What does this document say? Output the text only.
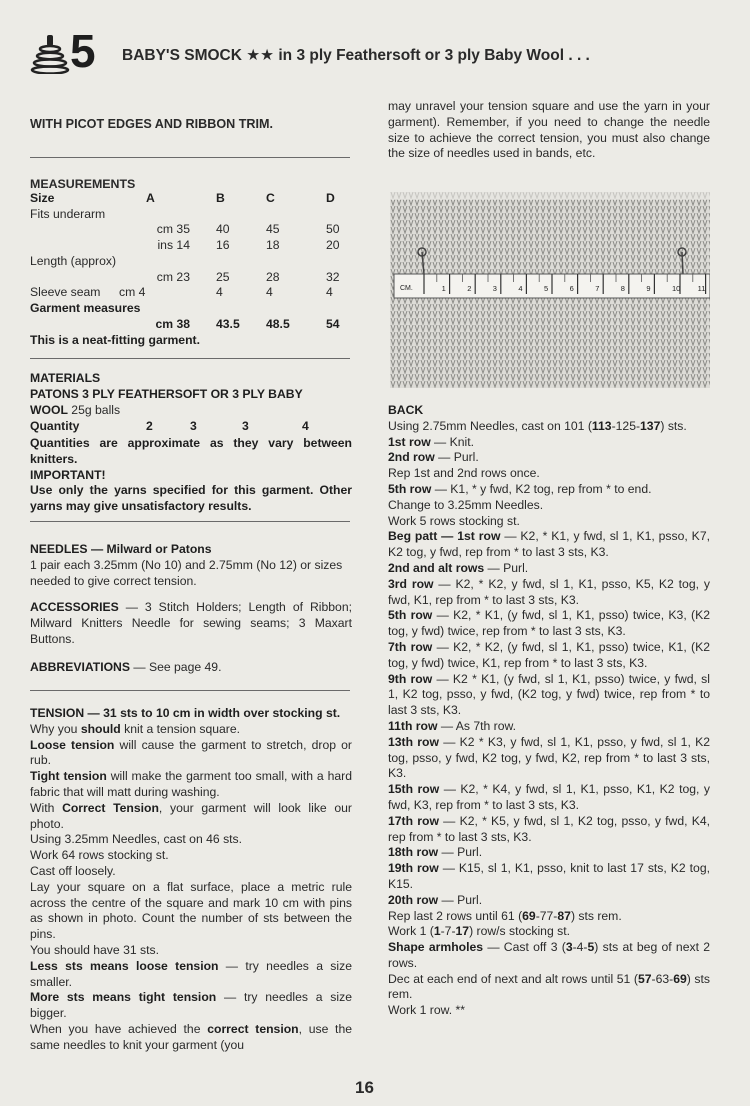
5 BABY'S SMOCK ★★ in 3 ply Feathersoft or 3 ply Baby Wool . . .
WITH PICOT EDGES AND RIBBON TRIM.
MEASUREMENTS
Size	A	B	C	D
Fits underarm				
	cm 35	40	45	50
	ins 14	16	18	20
Length (approx)				
	cm 23	25	28	32
Sleeve seam	cm 4	4	4	4
Garment measures				
	cm 38	43.5	48.5	54
This is a neat-fitting garment.

MATERIALS

PATONS 3 PLY FEATHERSOFT OR 3 PLY BABY

WOOL 25g balls

Quantity	2	3	3	4

Quantities are approximate as they vary between knitters.

IMPORTANT!

Use only the yarns specified for this garment. Other yarns may give unsatisfactory results.

NEEDLES — Milward or Patons

1 pair each 3.25mm (No 10) and 2.75mm (No 12) or sizes needed to give correct tension.

ACCESSORIES — 3 Stitch Holders; Length of Ribbon; Milward Knitters Needle for sewing seams; 3 Maxart Buttons.
ABBREVIATIONS — See page 49.

TENSION — 31 sts to 10 cm in width over stocking st.

Why you should knit a tension square.

Loose tension will cause the garment to stretch, drop or rub.

Tight tension will make the garment too small, with a hard fabric that will matt during washing.

With Correct Tension, your garment will look like our photo.

Using 3.25mm Needles, cast on 46 sts.

Work 64 rows stocking st.

Cast off loosely.

Lay your square on a flat surface, place a metric rule across the centre of the square and mark 10 cm with pins as shown in photo. Count the number of sts between the pins.

You should have 31 sts.

Less sts means loose tension — try needles a size smaller.

More sts means tight tension — try needles a size bigger.

When you have achieved the correct tension, use the same needles to knit your garment (you

may unravel your tension square and use the yarn in your garment). Remember, if you need to change the needle size to achieve the correct tension, you must also change the size of needles used in bands, etc.
CM.	1	2	3	4	5	6	7	8	9	10 11

BACK

Using 2.75mm Needles, cast on 101 (113-125-137) sts.

1st row — Knit.

2nd row — Purl.

Rep 1st and 2nd rows once.

5th row — K1, * y fwd, K2 tog, rep from * to end.

Change to 3.25mm Needles.

Work 5 rows stocking st.

Beg patt — 1st row — K2, * K1, y fwd, sl 1, K1, psso, K7, K2 tog, y fwd, rep from * to last 3 sts, K3.

2nd and alt rows — Purl.

3rd row — K2, * K2, y fwd, sl 1, K1, psso, K5, K2 tog, y fwd, K1, rep from * to last 3 sts, K3.

5th row — K2, * K1, (y fwd, sl 1, K1, psso) twice, K3, (K2 tog, y fwd) twice, rep from * to last 3 sts, K3.

7th row — K2, * K2, (y fwd, sl 1, K1, psso) twice, K1, (K2 tog, y fwd) twice, K1, rep from * to last 3 sts, K3.

9th row — K2 * K1, (y fwd, sl 1, K1, psso) twice, y fwd, sl 1, K2 tog, psso, y fwd, (K2 tog, y fwd) twice, rep from * to last 3 sts, K3.

11th row — As 7th row.

13th row — K2 * K3, y fwd, sl 1, K1, psso, y fwd, sl 1, K2 tog, psso, y fwd, K2 tog, y fwd, K2, rep from * to last 3 sts, K3.

15th row — K2, * K4, y fwd, sl 1, K1, psso, K1, K2 tog, y fwd, K3, rep from * to last 3 sts, K3.

17th row — K2, * K5, y fwd, sl 1, K2 tog, psso, y fwd, K4, rep from * to last 3 sts, K3.

18th row — Purl.

19th row — K15, sl 1, K1, psso, knit to last 17 sts, K2 tog, K15.

20th row — Purl.

Rep last 2 rows until 61 (69-77-87) sts rem.

Work 1 (1-7-17) row/s stocking st.

Shape armholes — Cast off 3 (3-4-5) sts at beg of next 2 rows.

Dec at each end of next and alt rows until 51 (57-63-69) sts rem.

Work 1 row. **

16
